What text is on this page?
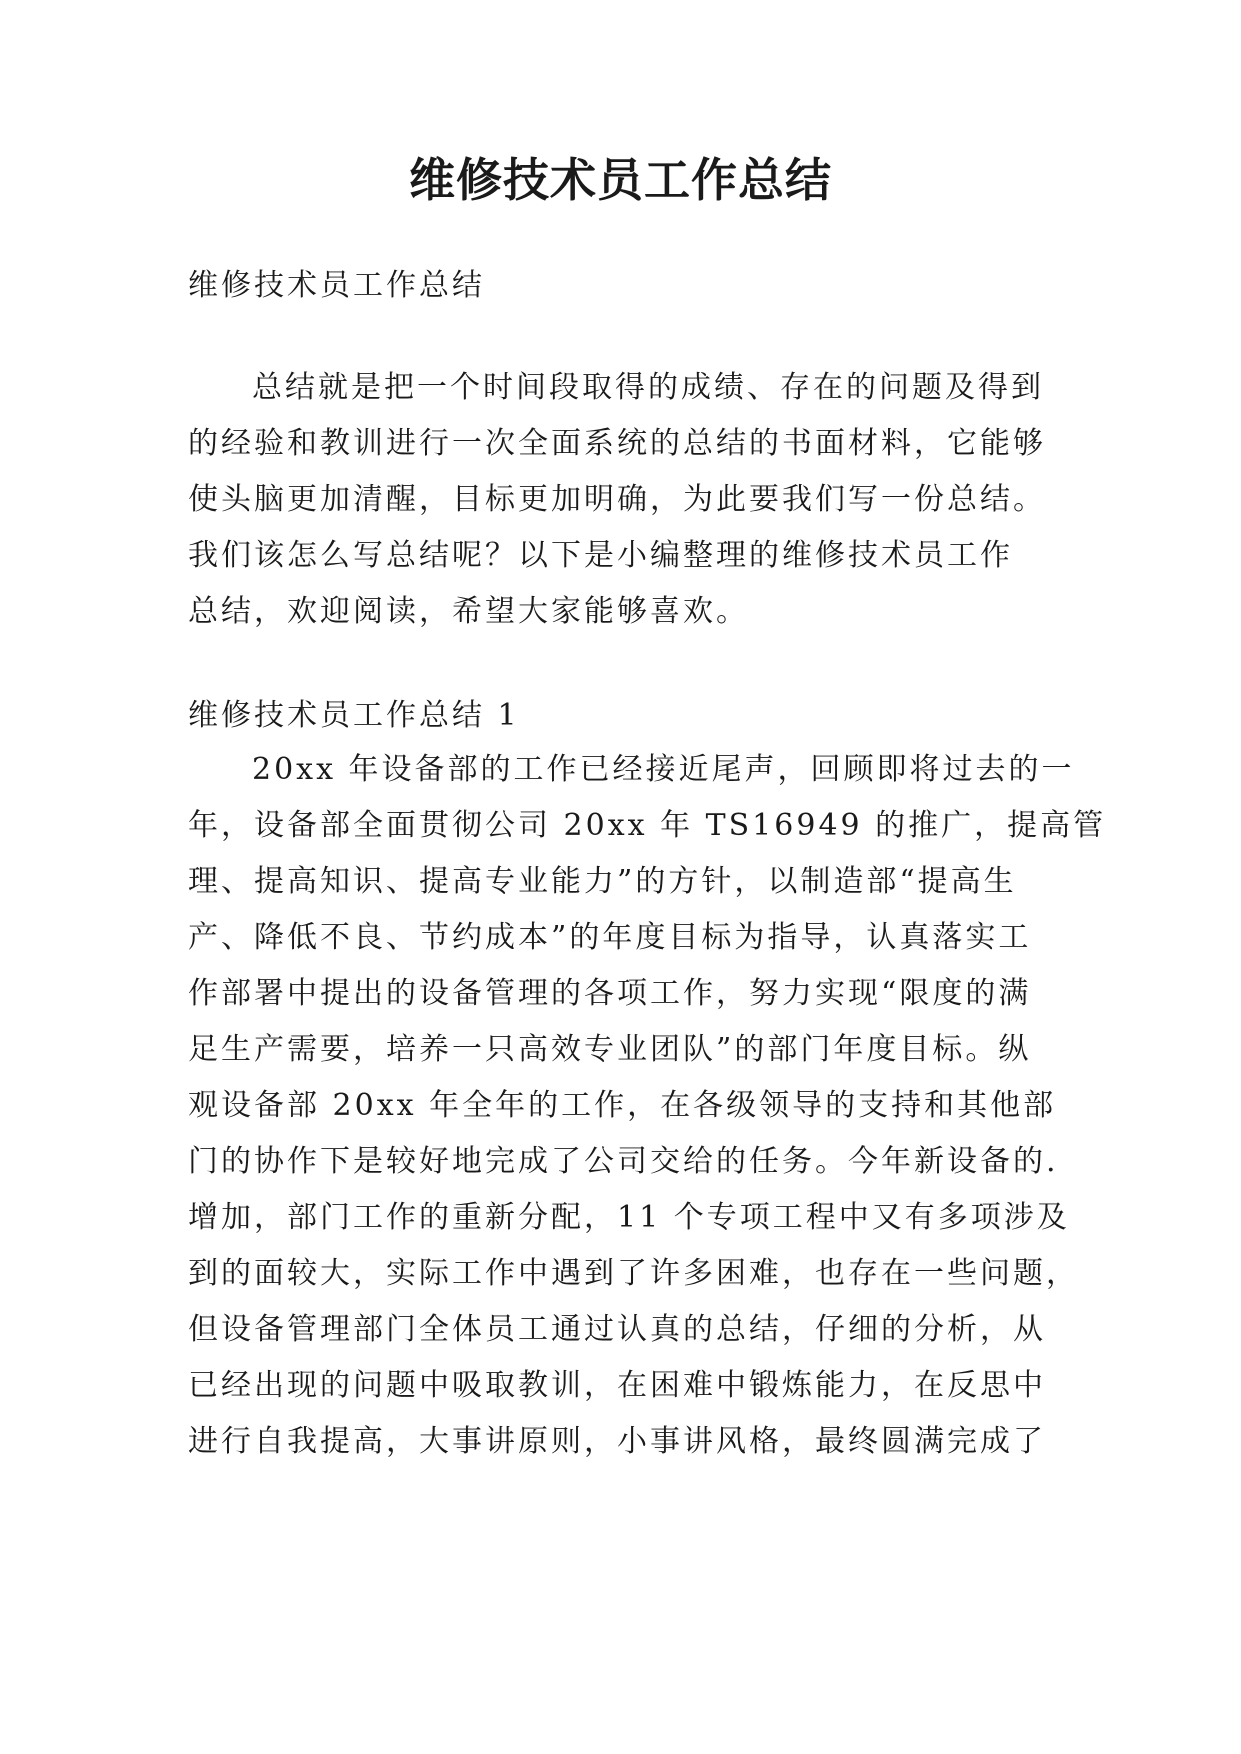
维修技术员工作总结
维修技术员工作总结
总结就是把一个时间段取得的成绩、存在的问题及得到
的经验和教训进行一次全面系统的总结的书面材料，它能够
使头脑更加清醒，目标更加明确，为此要我们写一份总结。
我们该怎么写总结呢？以下是小编整理的维修技术员工作
总结，欢迎阅读，希望大家能够喜欢。
维修技术员工作总结 1
20xx 年设备部的工作已经接近尾声，回顾即将过去的一
年，设备部全面贯彻公司 20xx 年 TS16949 的推广，提高管
理、提高知识、提高专业能力”的方针，以制造部“提高生
产、降低不良、节约成本”的年度目标为指导，认真落实工
作部署中提出的设备管理的各项工作，努力实现“限度的满
足生产需要，培养一只高效专业团队”的部门年度目标。纵
观设备部 20xx 年全年的工作，在各级领导的支持和其他部
门的协作下是较好地完成了公司交给的任务。今年新设备的.
增加，部门工作的重新分配，11 个专项工程中又有多项涉及
到的面较大，实际工作中遇到了许多困难，也存在一些问题，
但设备管理部门全体员工通过认真的总结，仔细的分析，从
已经出现的问题中吸取教训，在困难中锻炼能力，在反思中
进行自我提高，大事讲原则，小事讲风格，最终圆满完成了
